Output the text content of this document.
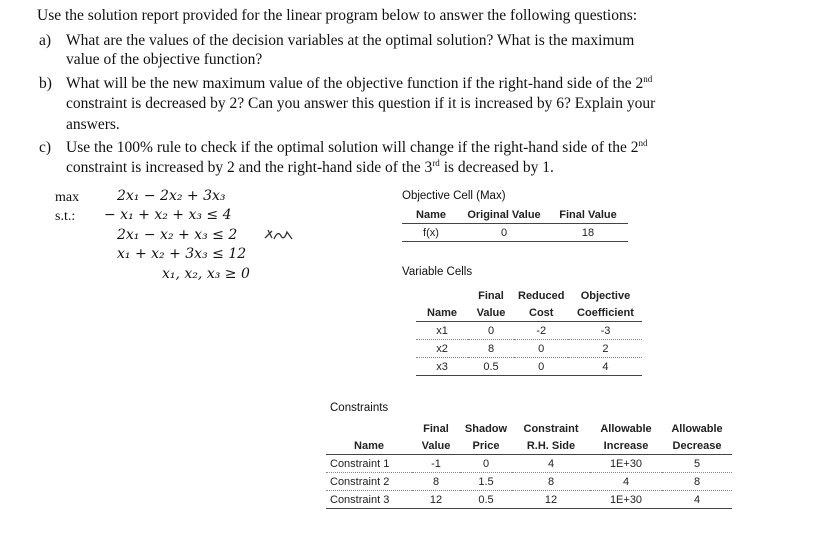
Use the solution report provided for the linear program below to answer the following questions:
a) What are the values of the decision variables at the optimal solution? What is the maximum
value of the objective function?
b) What will be the new maximum value of the objective function if the right-hand side of the 2nd
constraint is decreased by 2? Can you answer this question if it is increased by 6? Explain your
answers.
c) Use the 100% rule to check if the optimal solution will change if the right-hand side of the 2nd
constraint is increased by 2 and the right-hand side of the 3rd is decreased by 1.
max	2x₁ − 2x₂ + 3x₃
s.t.: − x₁ + x₂ + x₃ ≤ 4
2x₁ − x₂ + x₃ ≤ 2
x₁ + x₂ + 3x₃ ≤ 12
x₁, x₂, x₃ ≥ 0
Objective Cell (Max)
Name	Original Value	Final Value
f(x)	0	18
Variable Cells
	Final	Reduced	Objective
Name	Value	Cost	Coefficient
x1	0	-2	-3
x2	8	0	2
x3	0.5	0	4
Constraints
	Final	Shadow	Constraint	Allowable	Allowable
Name	Value	Price	R.H. Side	Increase	Decrease
Constraint 1	-1	0	4	1E+30	5
Constraint 2	8	1.5	8	4	8
Constraint 3	12	0.5	12	1E+30	4
